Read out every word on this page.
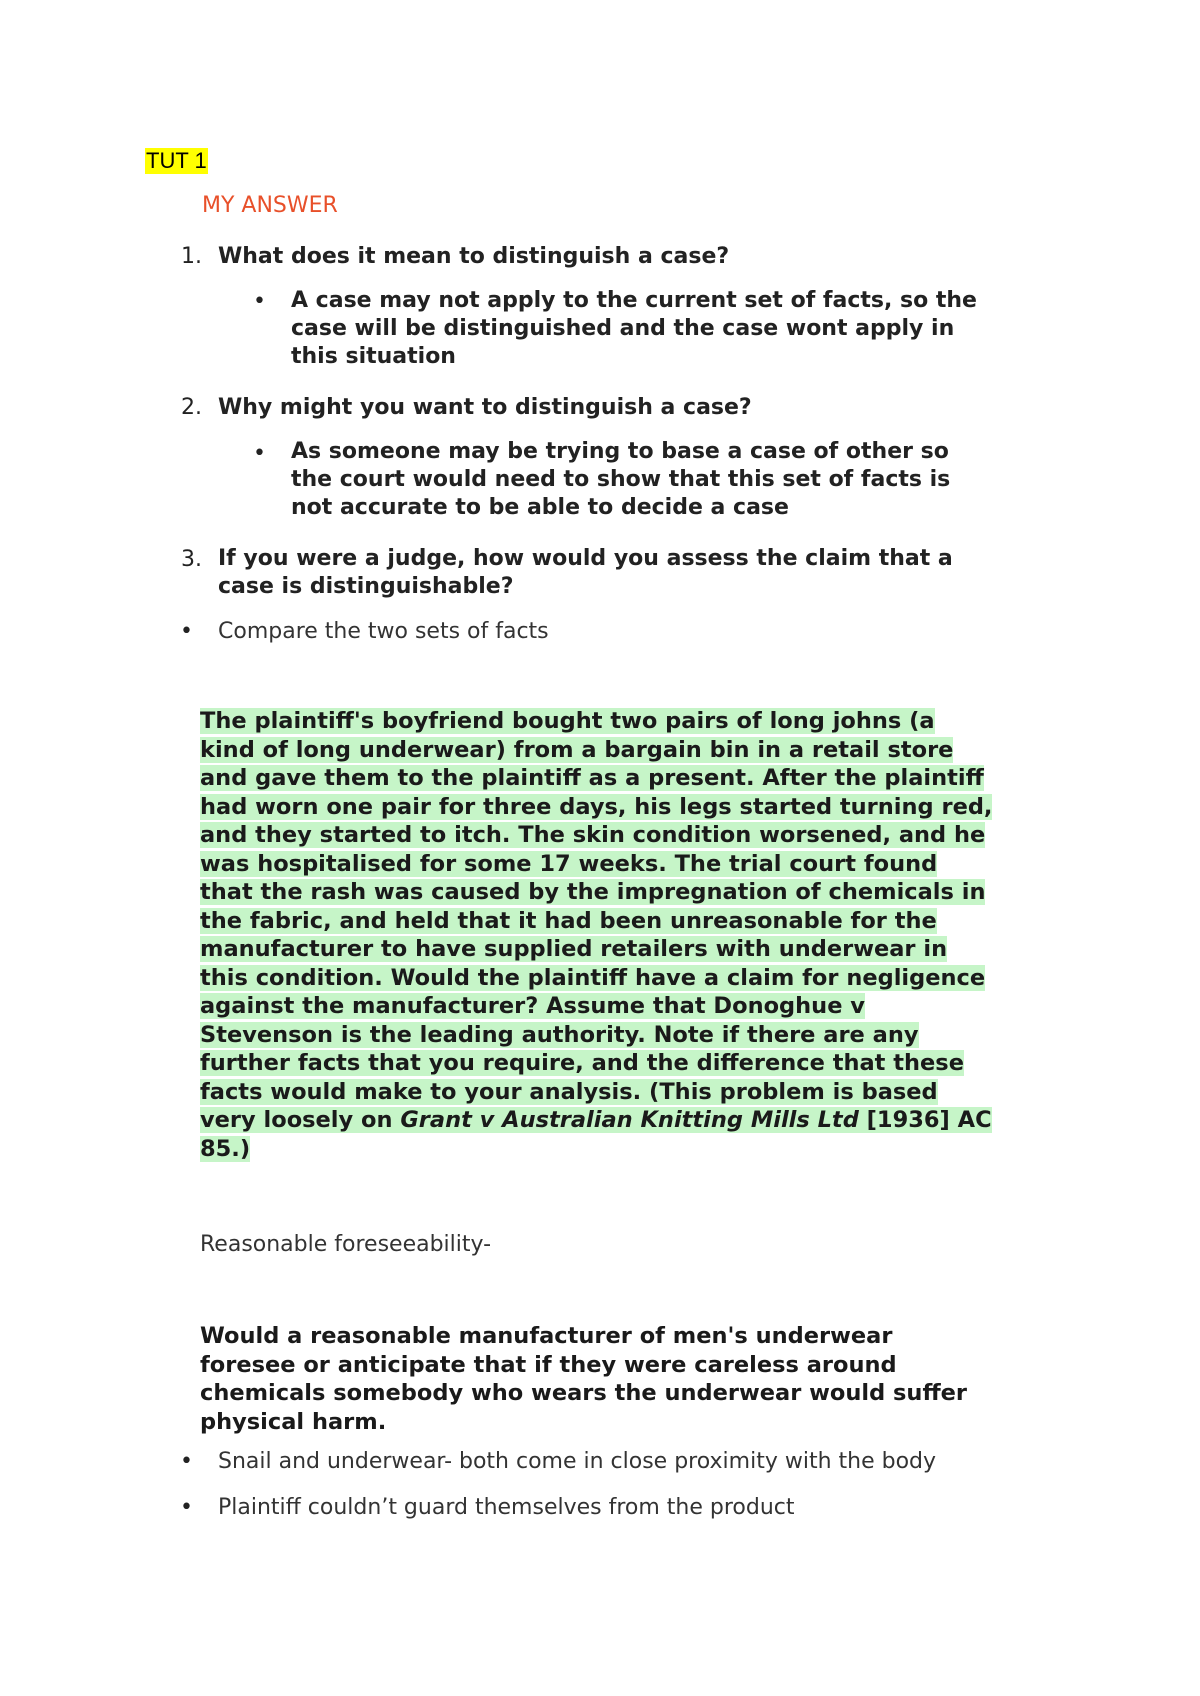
TUT 1
MY ANSWER
1. What does it mean to distinguish a case?
• A case may not apply to the current set of facts, so the
case will be distinguished and the case wont apply in
this situation
2. Why might you want to distinguish a case?
• As someone may be trying to base a case of other so
the court would need to show that this set of facts is
not accurate to be able to decide a case
3. If you were a judge, how would you assess the claim that a
case is distinguishable?
• Compare the two sets of facts
The plaintiff's boyfriend bought two pairs of long johns (a
kind of long underwear) from a bargain bin in a retail store
and gave them to the plaintiff as a present. After the plaintiff
had worn one pair for three days, his legs started turning red,
and they started to itch. The skin condition worsened, and he
was hospitalised for some 17 weeks. The trial court found
that the rash was caused by the impregnation of chemicals in
the fabric, and held that it had been unreasonable for the
manufacturer to have supplied retailers with underwear in
this condition. Would the plaintiff have a claim for negligence
against the manufacturer? Assume that Donoghue v
Stevenson is the leading authority. Note if there are any
further facts that you require, and the difference that these
facts would make to your analysis. (This problem is based
very loosely on Grant v Australian Knitting Mills Ltd [1936] AC
85.)
Reasonable foreseeability-
Would a reasonable manufacturer of men's underwear
foresee or anticipate that if they were careless around
chemicals somebody who wears the underwear would suffer
physical harm.
• Snail and underwear- both come in close proximity with the body
• Plaintiff couldn’t guard themselves from the product
